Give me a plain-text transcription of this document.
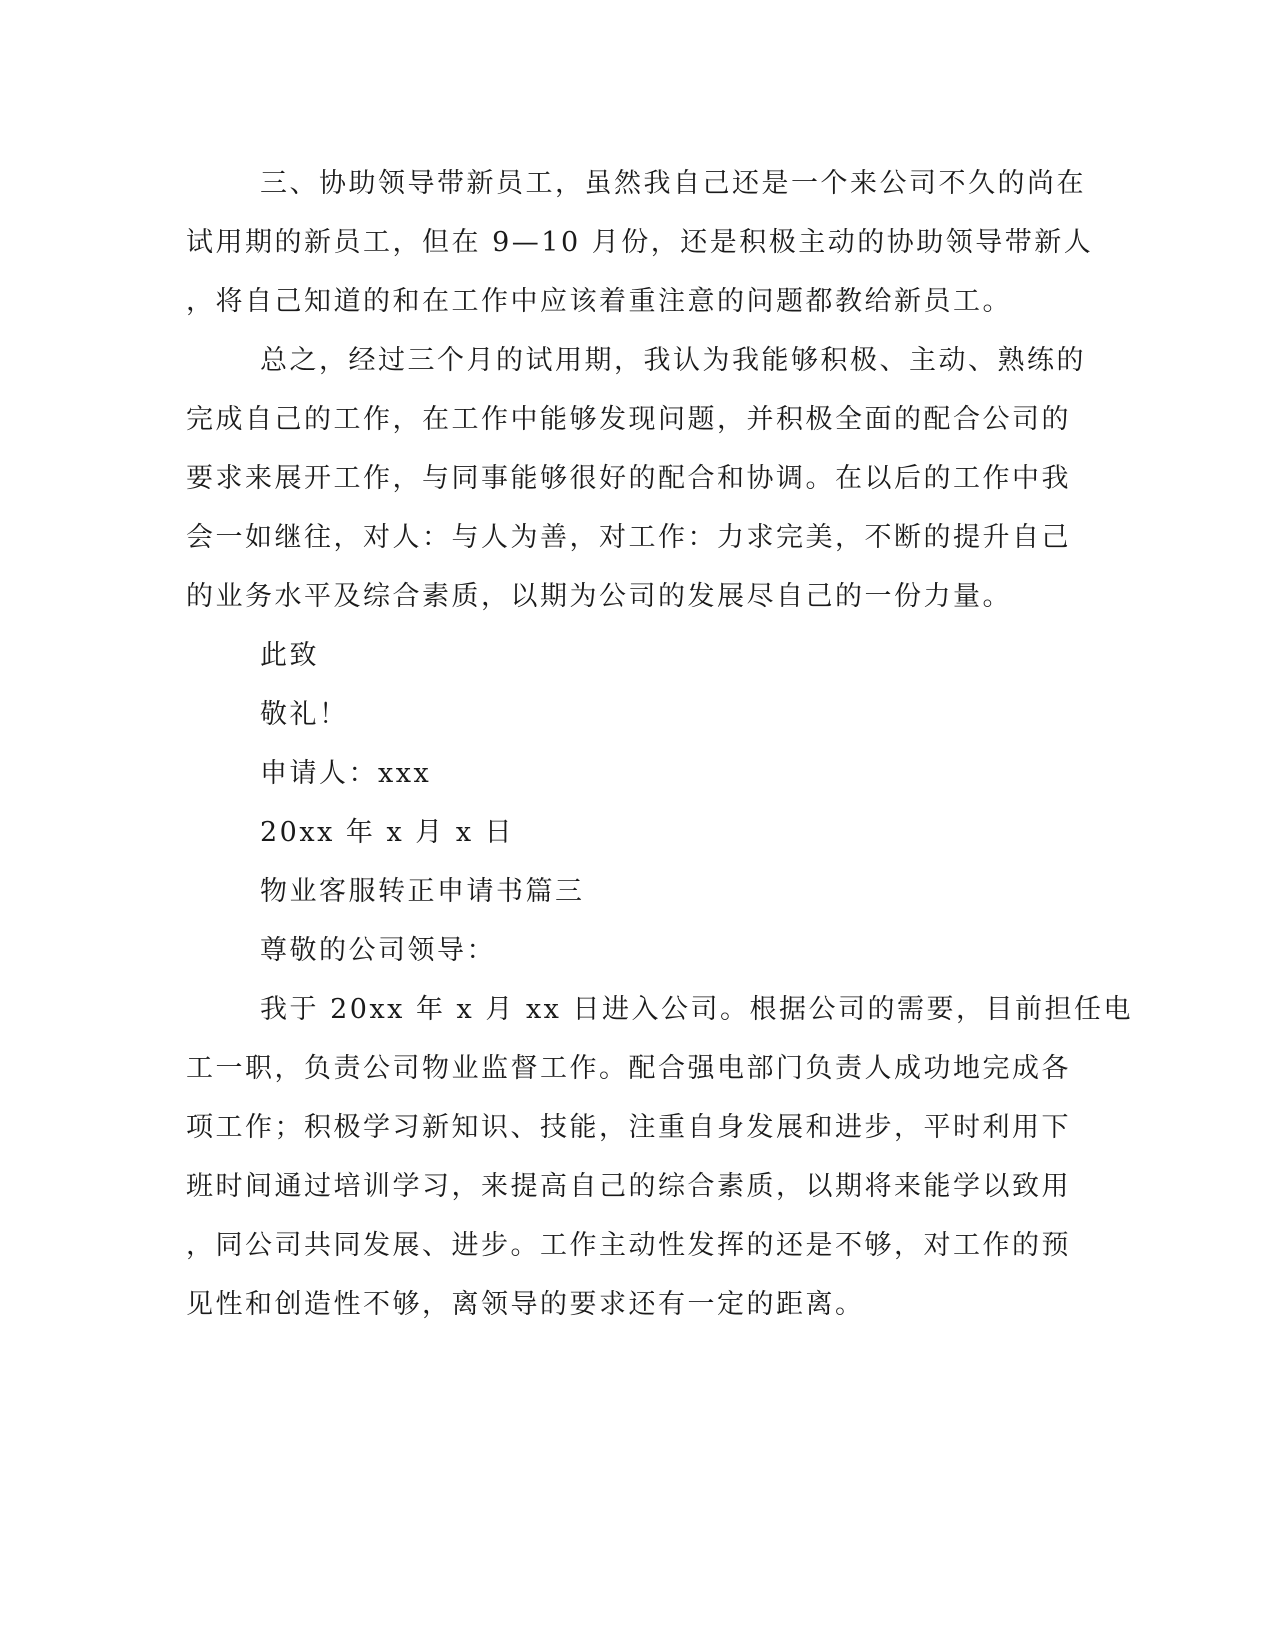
三、协助领导带新员工，虽然我自己还是一个来公司不久的尚在
试用期的新员工，但在 9—10 月份，还是积极主动的协助领导带新人
，将自己知道的和在工作中应该着重注意的问题都教给新员工。
总之，经过三个月的试用期，我认为我能够积极、主动、熟练的
完成自己的工作，在工作中能够发现问题，并积极全面的配合公司的
要求来展开工作，与同事能够很好的配合和协调。在以后的工作中我
会一如继往，对人：与人为善，对工作：力求完美，不断的提升自己
的业务水平及综合素质，以期为公司的发展尽自己的一份力量。
此致
敬礼！
申请人：xxx
20xx 年 x 月 x 日
物业客服转正申请书篇三
尊敬的公司领导：
我于 20xx 年 x 月 xx 日进入公司。根据公司的需要，目前担任电
工一职，负责公司物业监督工作。配合强电部门负责人成功地完成各
项工作；积极学习新知识、技能，注重自身发展和进步，平时利用下
班时间通过培训学习，来提高自己的综合素质，以期将来能学以致用
，同公司共同发展、进步。工作主动性发挥的还是不够，对工作的预
见性和创造性不够，离领导的要求还有一定的距离。
